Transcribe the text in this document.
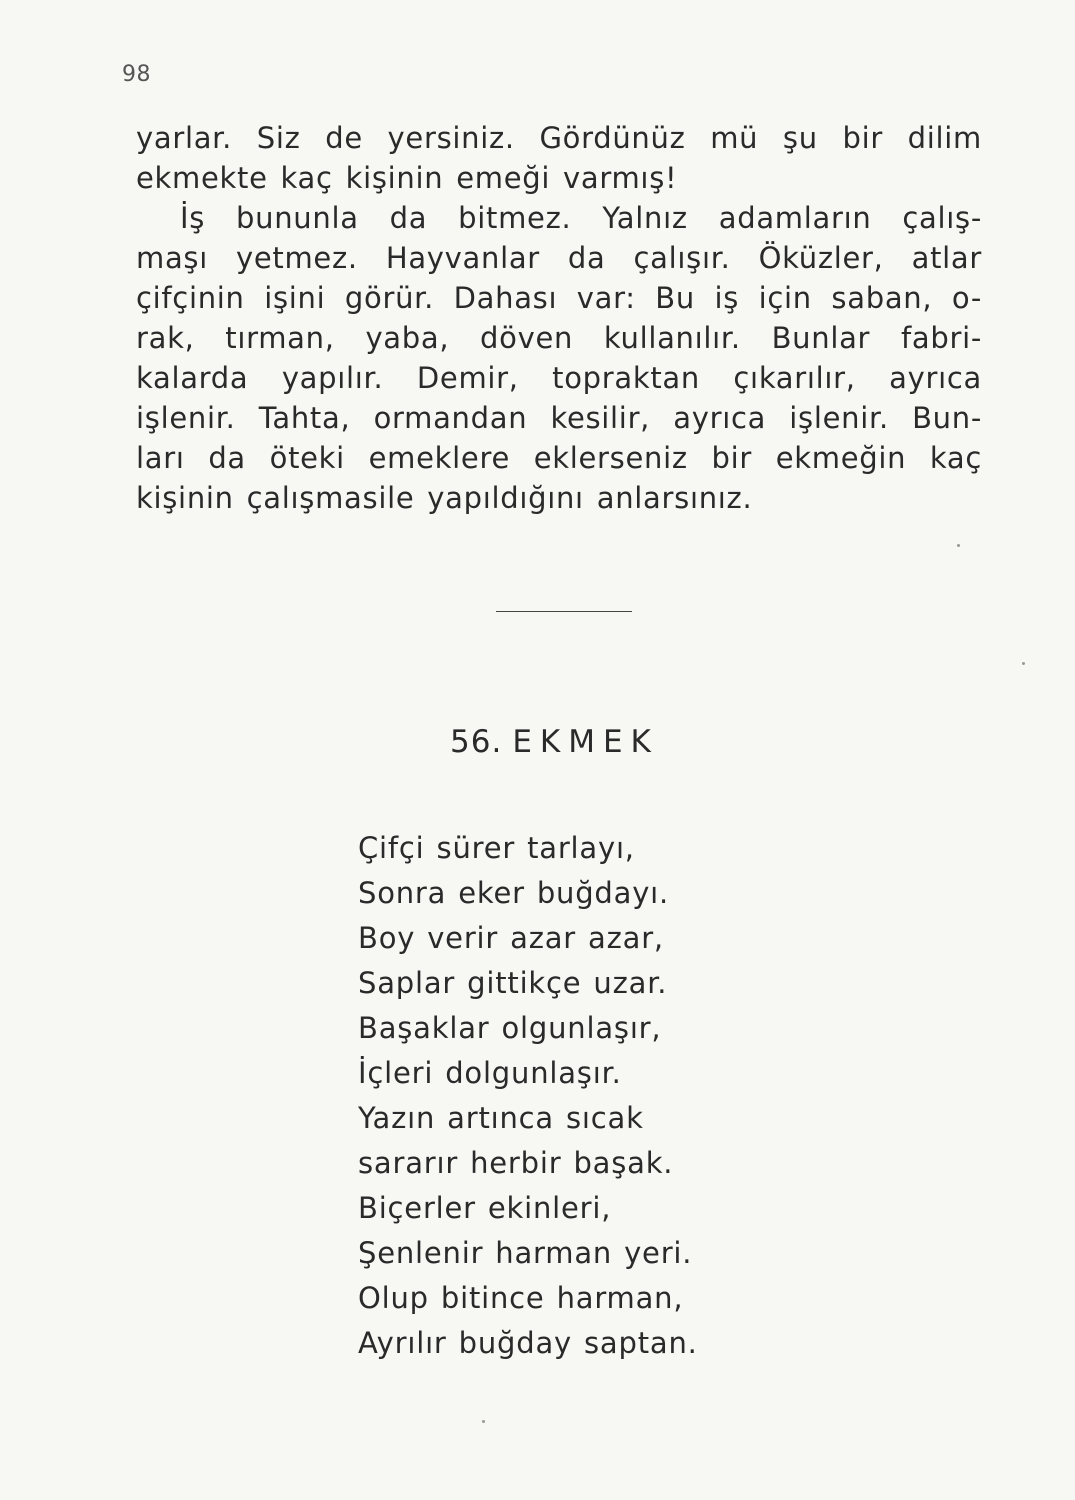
98
yarlar. Siz de yersiniz. Gördünüz mü şu bir dilim
ekmekte kaç kişinin emeği varmış!
İş bununla da bitmez. Yalnız adamların çalış-
maşı yetmez. Hayvanlar da çalışır. Öküzler, atlar
çifçinin işini görür. Dahası var: Bu iş için saban, o-
rak, tırman, yaba, döven kullanılır. Bunlar fabri-
kalarda yapılır. Demir, topraktan çıkarılır, ayrıca
işlenir. Tahta, ormandan kesilir, ayrıca işlenir. Bun-
ları da öteki emeklere eklerseniz bir ekmeğin kaç
kişinin çalışmasile yapıldığını anlarsınız.
56. EKMEK
Çifçi sürer tarlayı,
Sonra eker buğdayı.
Boy verir azar azar,
Saplar gittikçe uzar.
Başaklar olgunlaşır,
İçleri dolgunlaşır.
Yazın artınca sıcak
sararır herbir başak.
Biçerler ekinleri,
Şenlenir harman yeri.
Olup bitince harman,
Ayrılır buğday saptan.
